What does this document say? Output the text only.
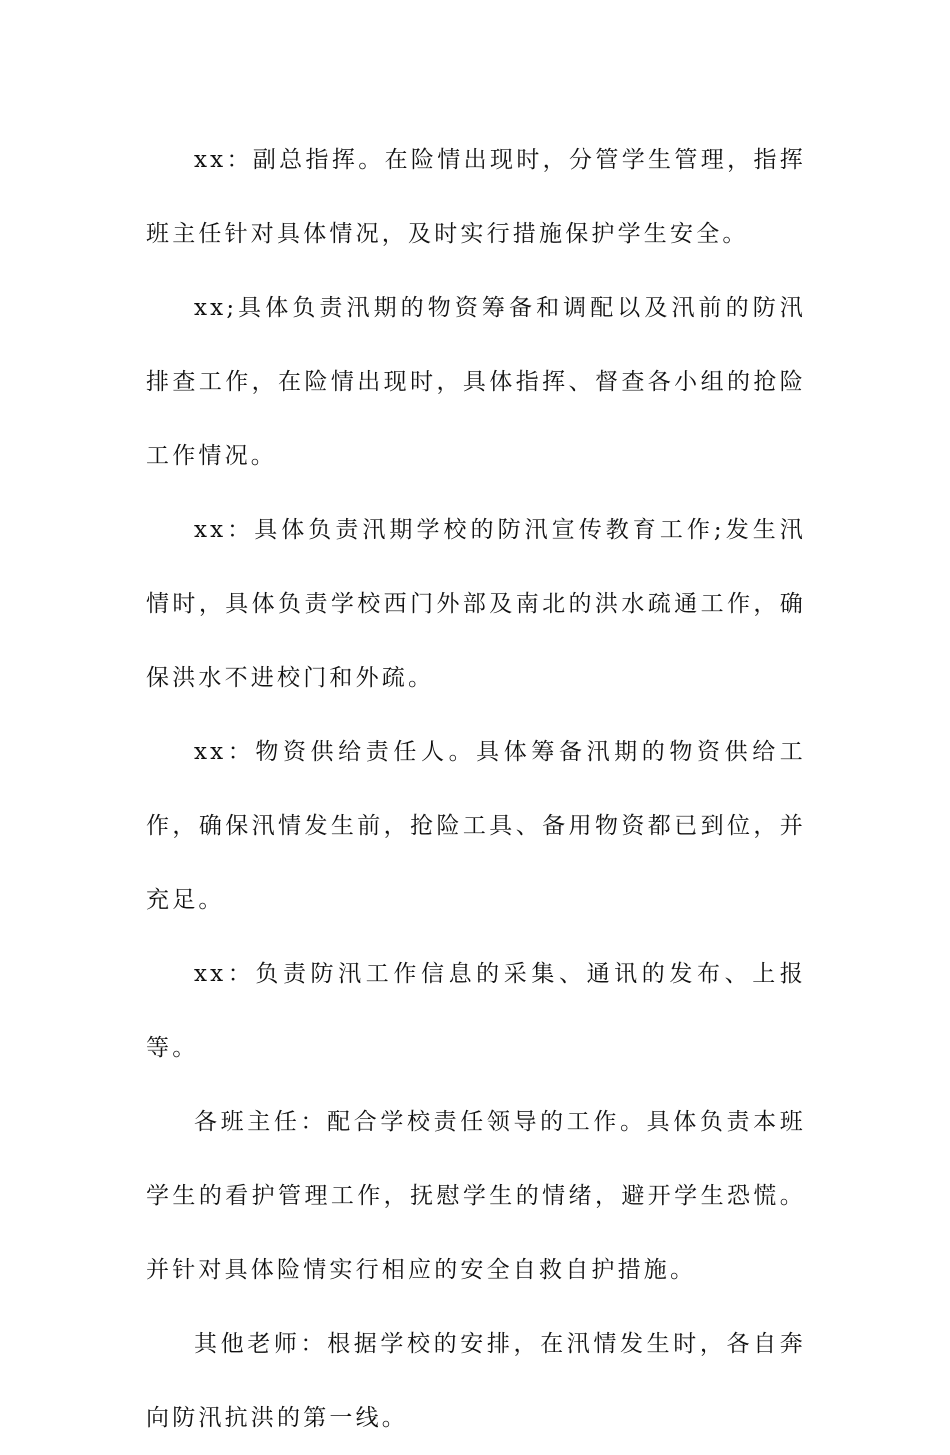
xx：副总指挥。在险情出现时，分管学生管理，指挥班主任针对具体情况，及时实行措施保护学生安全。

xx;具体负责汛期的物资筹备和调配以及汛前的防汛排查工作，在险情出现时，具体指挥、督查各小组的抢险工作情况。

xx：具体负责汛期学校的防汛宣传教育工作;发生汛情时，具体负责学校西门外部及南北的洪水疏通工作，确保洪水不进校门和外疏。

xx：物资供给责任人。具体筹备汛期的物资供给工作，确保汛情发生前，抢险工具、备用物资都已到位，并充足。

xx：负责防汛工作信息的采集、通讯的发布、上报等。

各班主任：配合学校责任领导的工作。具体负责本班学生的看护管理工作，抚慰学生的情绪，避开学生恐慌。并针对具体险情实行相应的安全自救自护措施。

其他老师：根据学校的安排，在汛情发生时，各自奔向防汛抗洪的第一线。
